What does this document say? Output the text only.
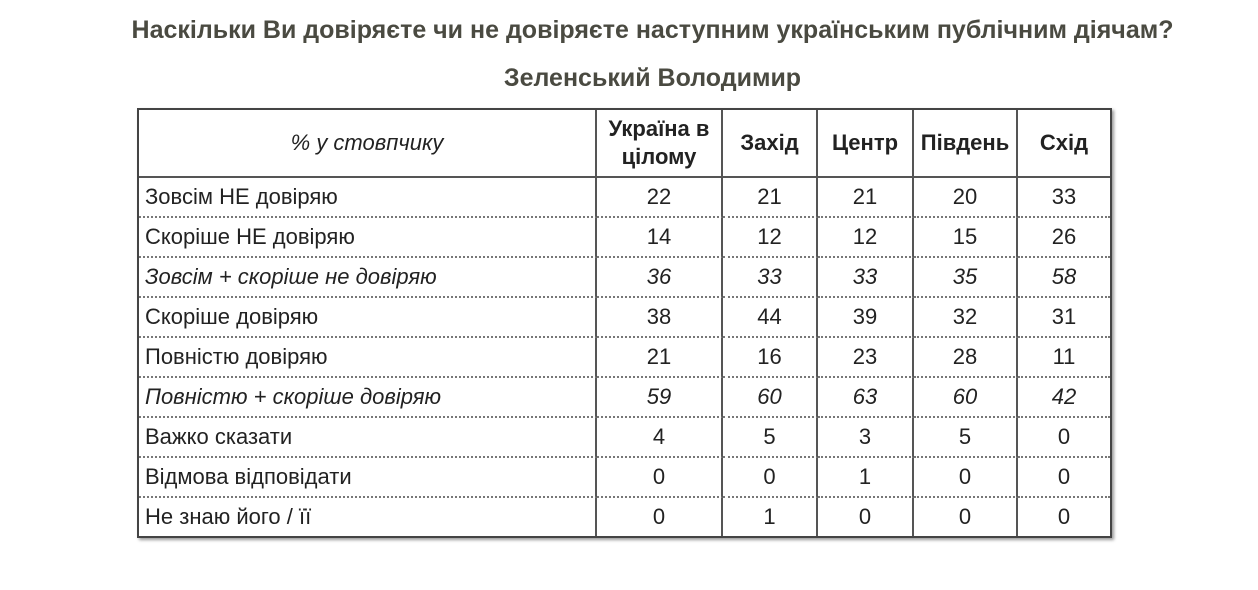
Наскільки Ви довіряєте чи не довіряєте наступним українським публічним діячам?
Зеленський Володимир
% у стовпчику	Україна в цілому	Захід	Центр	Південь	Схід
Зовсім НЕ довіряю	22	21	21	20	33
Скоріше НЕ довіряю	14	12	12	15	26
Зовсім + скоріше не довіряю	36	33	33	35	58
Скоріше довіряю	38	44	39	32	31
Повністю довіряю	21	16	23	28	11
Повністю + скоріше довіряю	59	60	63	60	42
Важко сказати	4	5	3	5	0
Відмова відповідати	0	0	1	0	0
Не знаю його / її	0	1	0	0	0
